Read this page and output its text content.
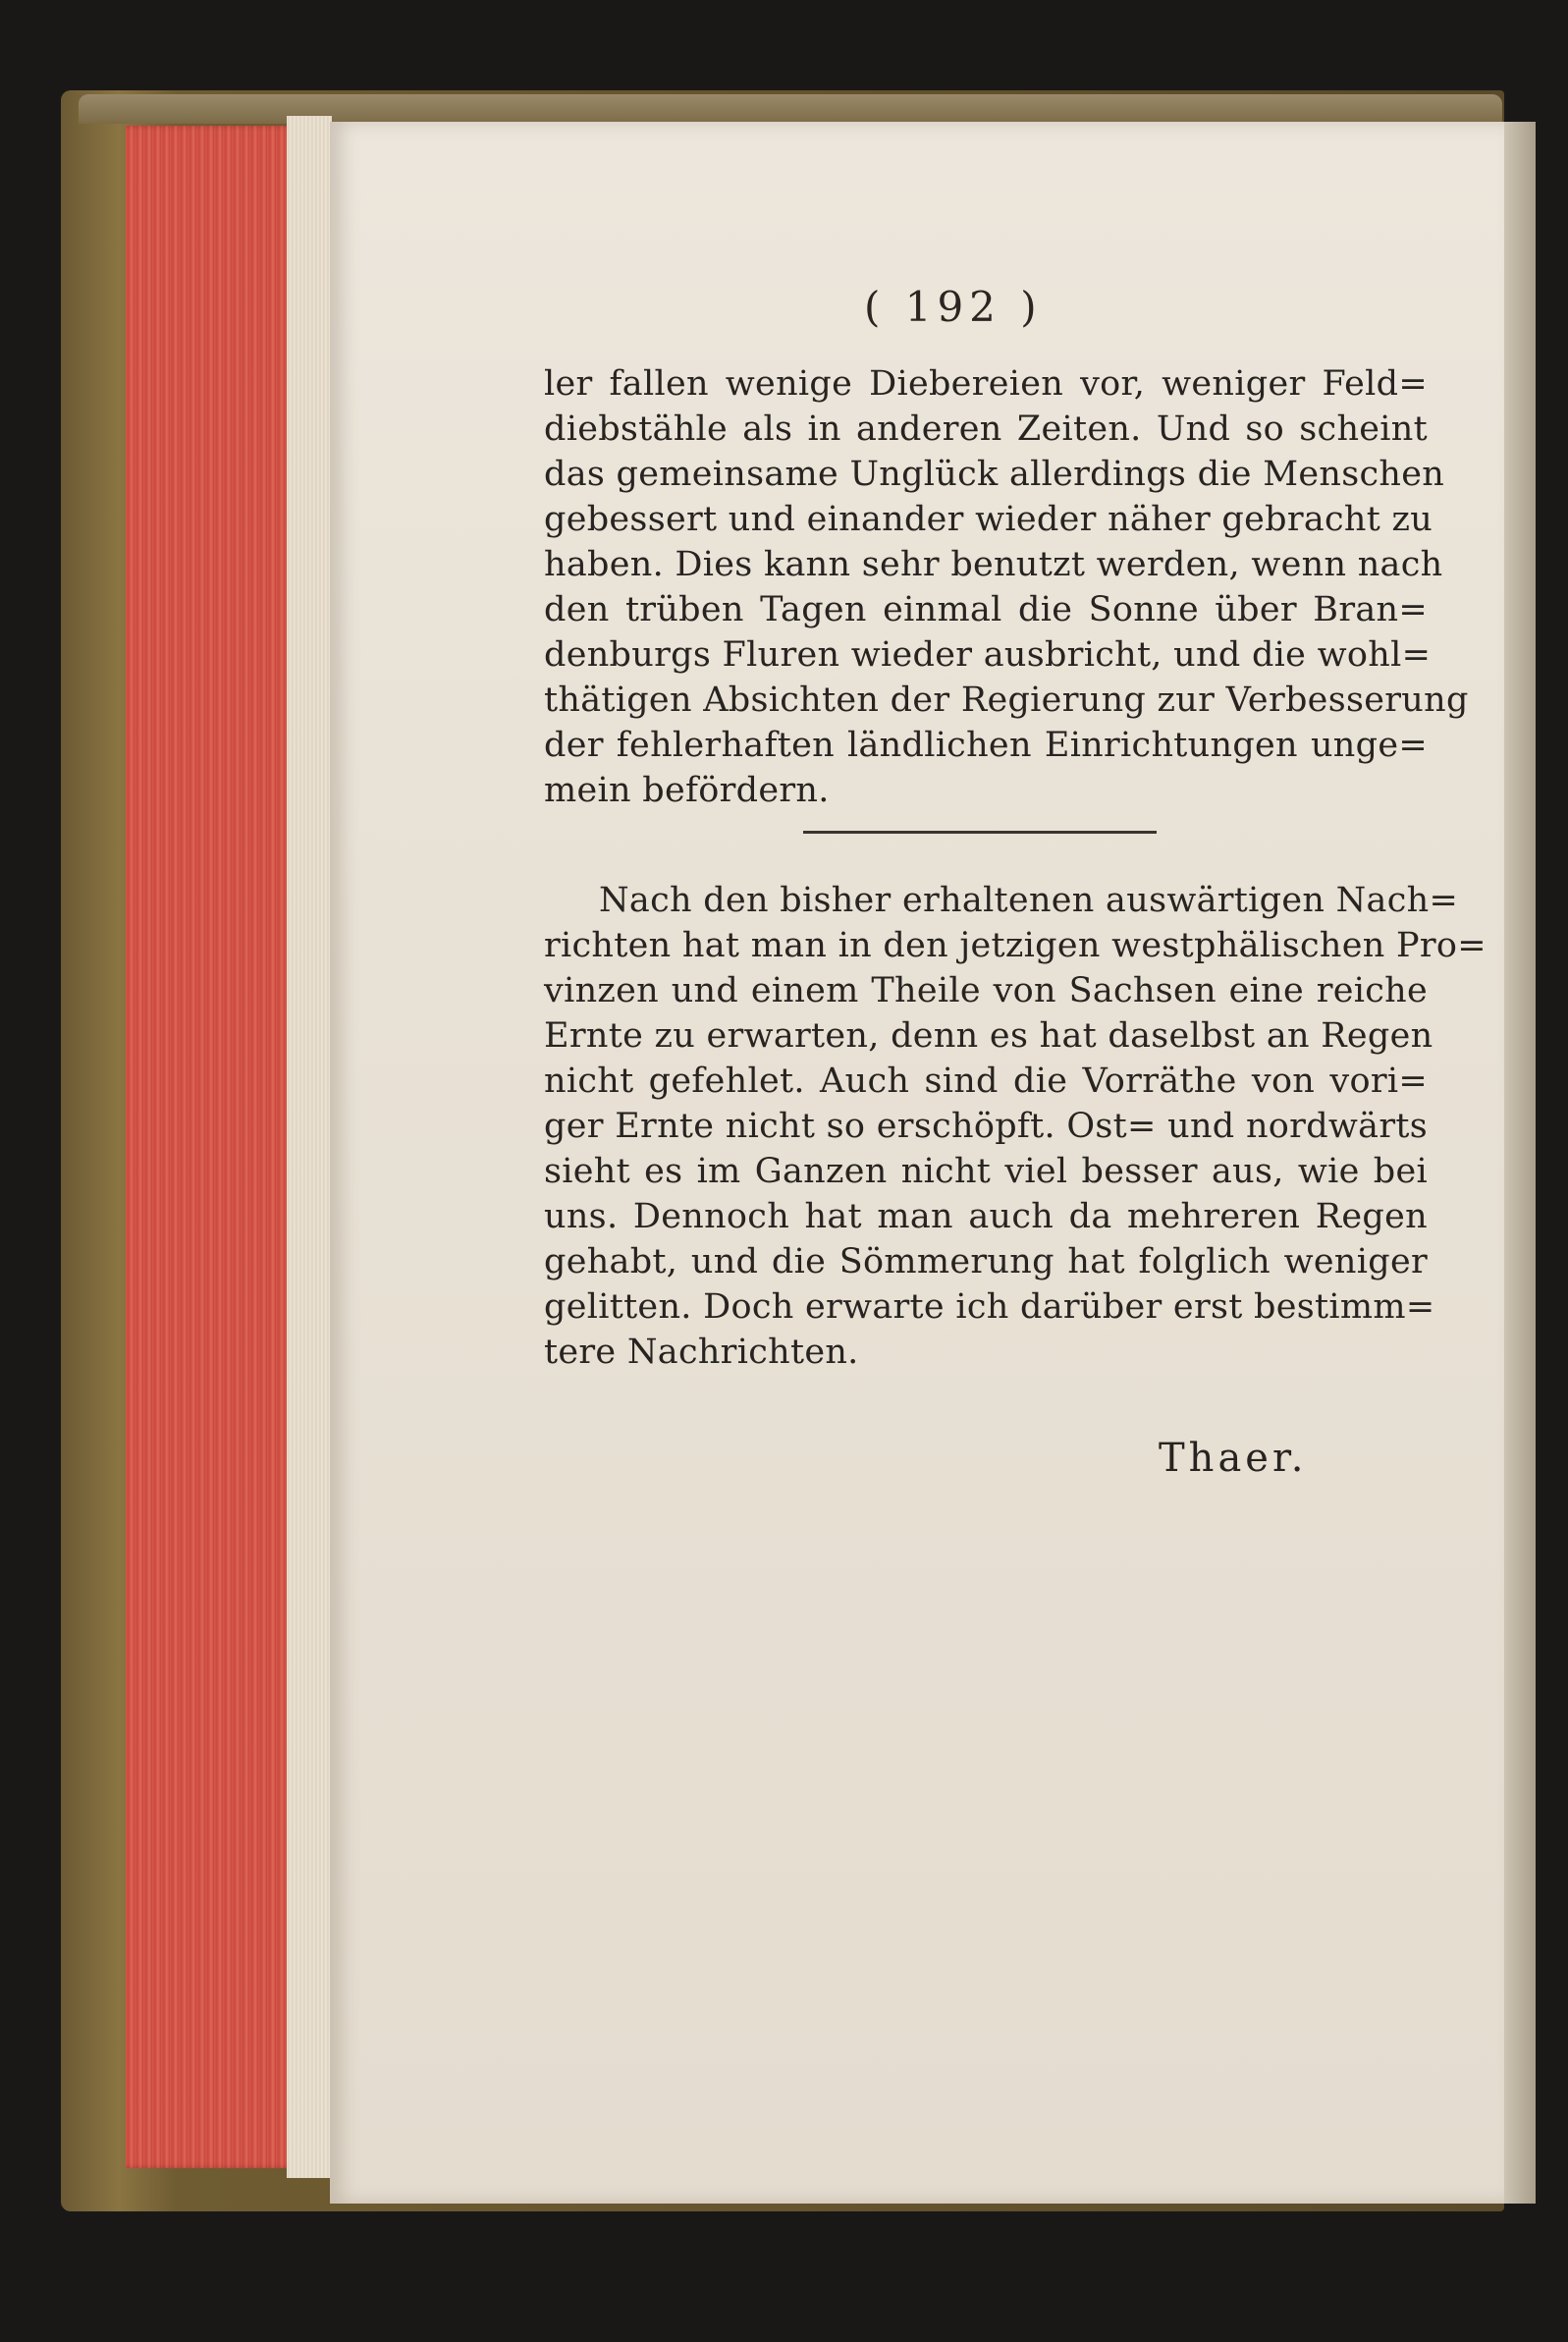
( 192 )
ler fallen wenige Diebereien vor, weniger Feld=
diebstähle als in anderen Zeiten. Und so scheint
das gemeinsame Unglück allerdings die Menschen
gebessert und einander wieder näher gebracht zu
haben. Dies kann sehr benutzt werden, wenn nach
den trüben Tagen einmal die Sonne über Bran=
denburgs Fluren wieder ausbricht, und die wohl=
thätigen Absichten der Regierung zur Verbesserung
der fehlerhaften ländlichen Einrichtungen unge=
mein befördern.
Nach den bisher erhaltenen auswärtigen Nach=
richten hat man in den jetzigen westphälischen Pro=
vinzen und einem Theile von Sachsen eine reiche
Ernte zu erwarten, denn es hat daselbst an Regen
nicht gefehlet. Auch sind die Vorräthe von vori=
ger Ernte nicht so erschöpft. Ost= und nordwärts
sieht es im Ganzen nicht viel besser aus, wie bei
uns. Dennoch hat man auch da mehreren Regen
gehabt, und die Sömmerung hat folglich weniger
gelitten. Doch erwarte ich darüber erst bestimm=
tere Nachrichten.
Thaer.
